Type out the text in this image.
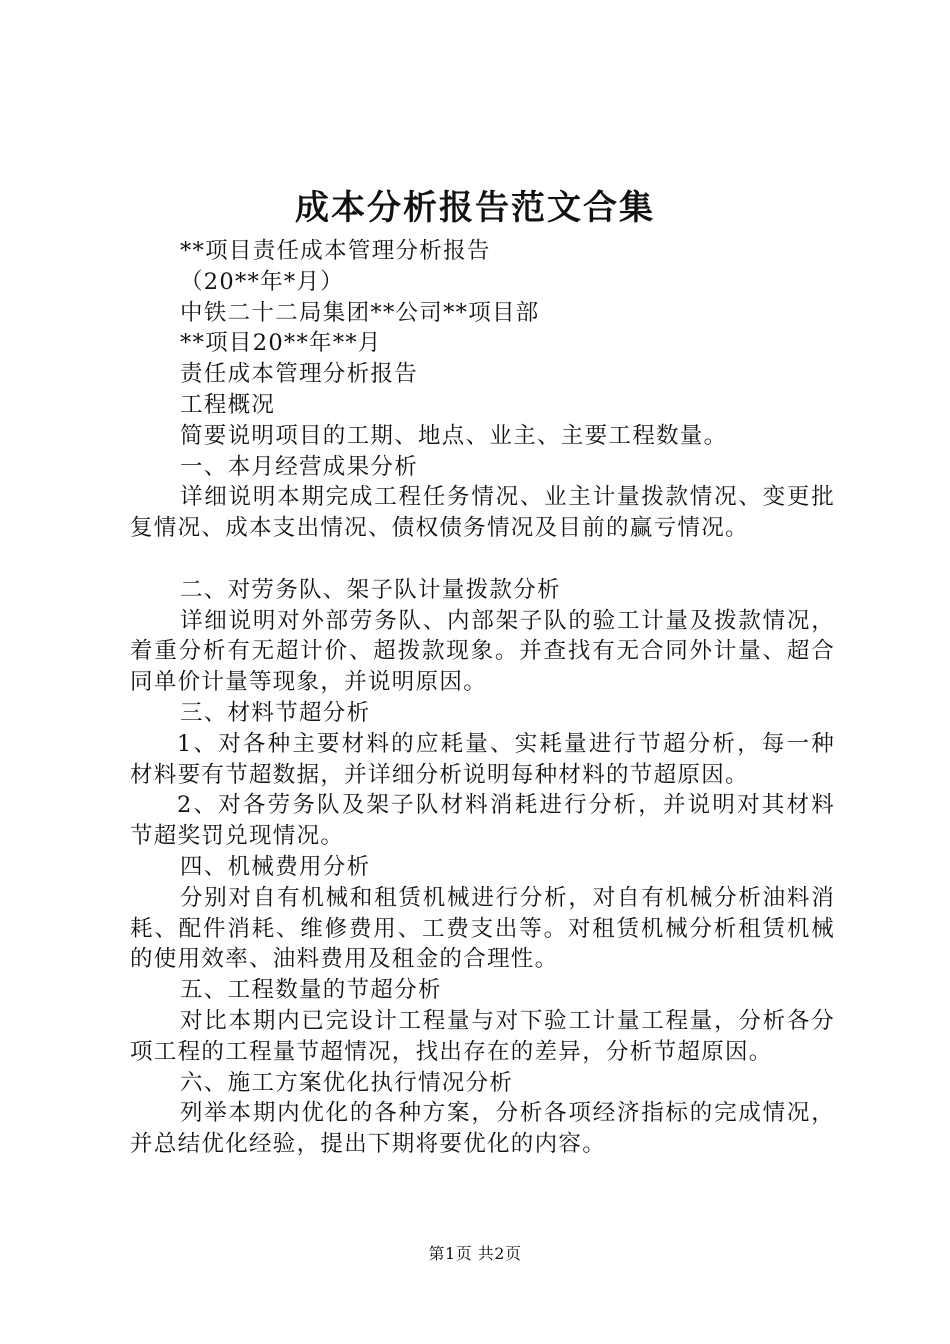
成本分析报告范文合集

**项目责任成本管理分析报告

（20**年*月）

中铁二十二局集团**公司**项目部

**项目20**年**月

责任成本管理分析报告

工程概况

简要说明项目的工期、地点、业主、主要工程数量。

一、本月经营成果分析

详细说明本期完成工程任务情况、业主计量拨款情况、变更批复情况、成本支出情况、债权债务情况及目前的赢亏情况。

二、对劳务队、架子队计量拨款分析

详细说明对外部劳务队、内部架子队的验工计量及拨款情况，着重分析有无超计价、超拨款现象。并查找有无合同外计量、超合同单价计量等现象，并说明原因。

三、材料节超分析

1、对各种主要材料的应耗量、实耗量进行节超分析，每一种材料要有节超数据，并详细分析说明每种材料的节超原因。

2、对各劳务队及架子队材料消耗进行分析，并说明对其材料节超奖罚兑现情况。

四、机械费用分析

分别对自有机械和租赁机械进行分析，对自有机械分析油料消耗、配件消耗、维修费用、工费支出等。对租赁机械分析租赁机械的使用效率、油料费用及租金的合理性。

五、工程数量的节超分析

对比本期内已完设计工程量与对下验工计量工程量，分析各分项工程的工程量节超情况，找出存在的差异，分析节超原因。

六、施工方案优化执行情况分析

列举本期内优化的各种方案，分析各项经济指标的完成情况，并总结优化经验，提出下期将要优化的内容。

第1页 共2页
